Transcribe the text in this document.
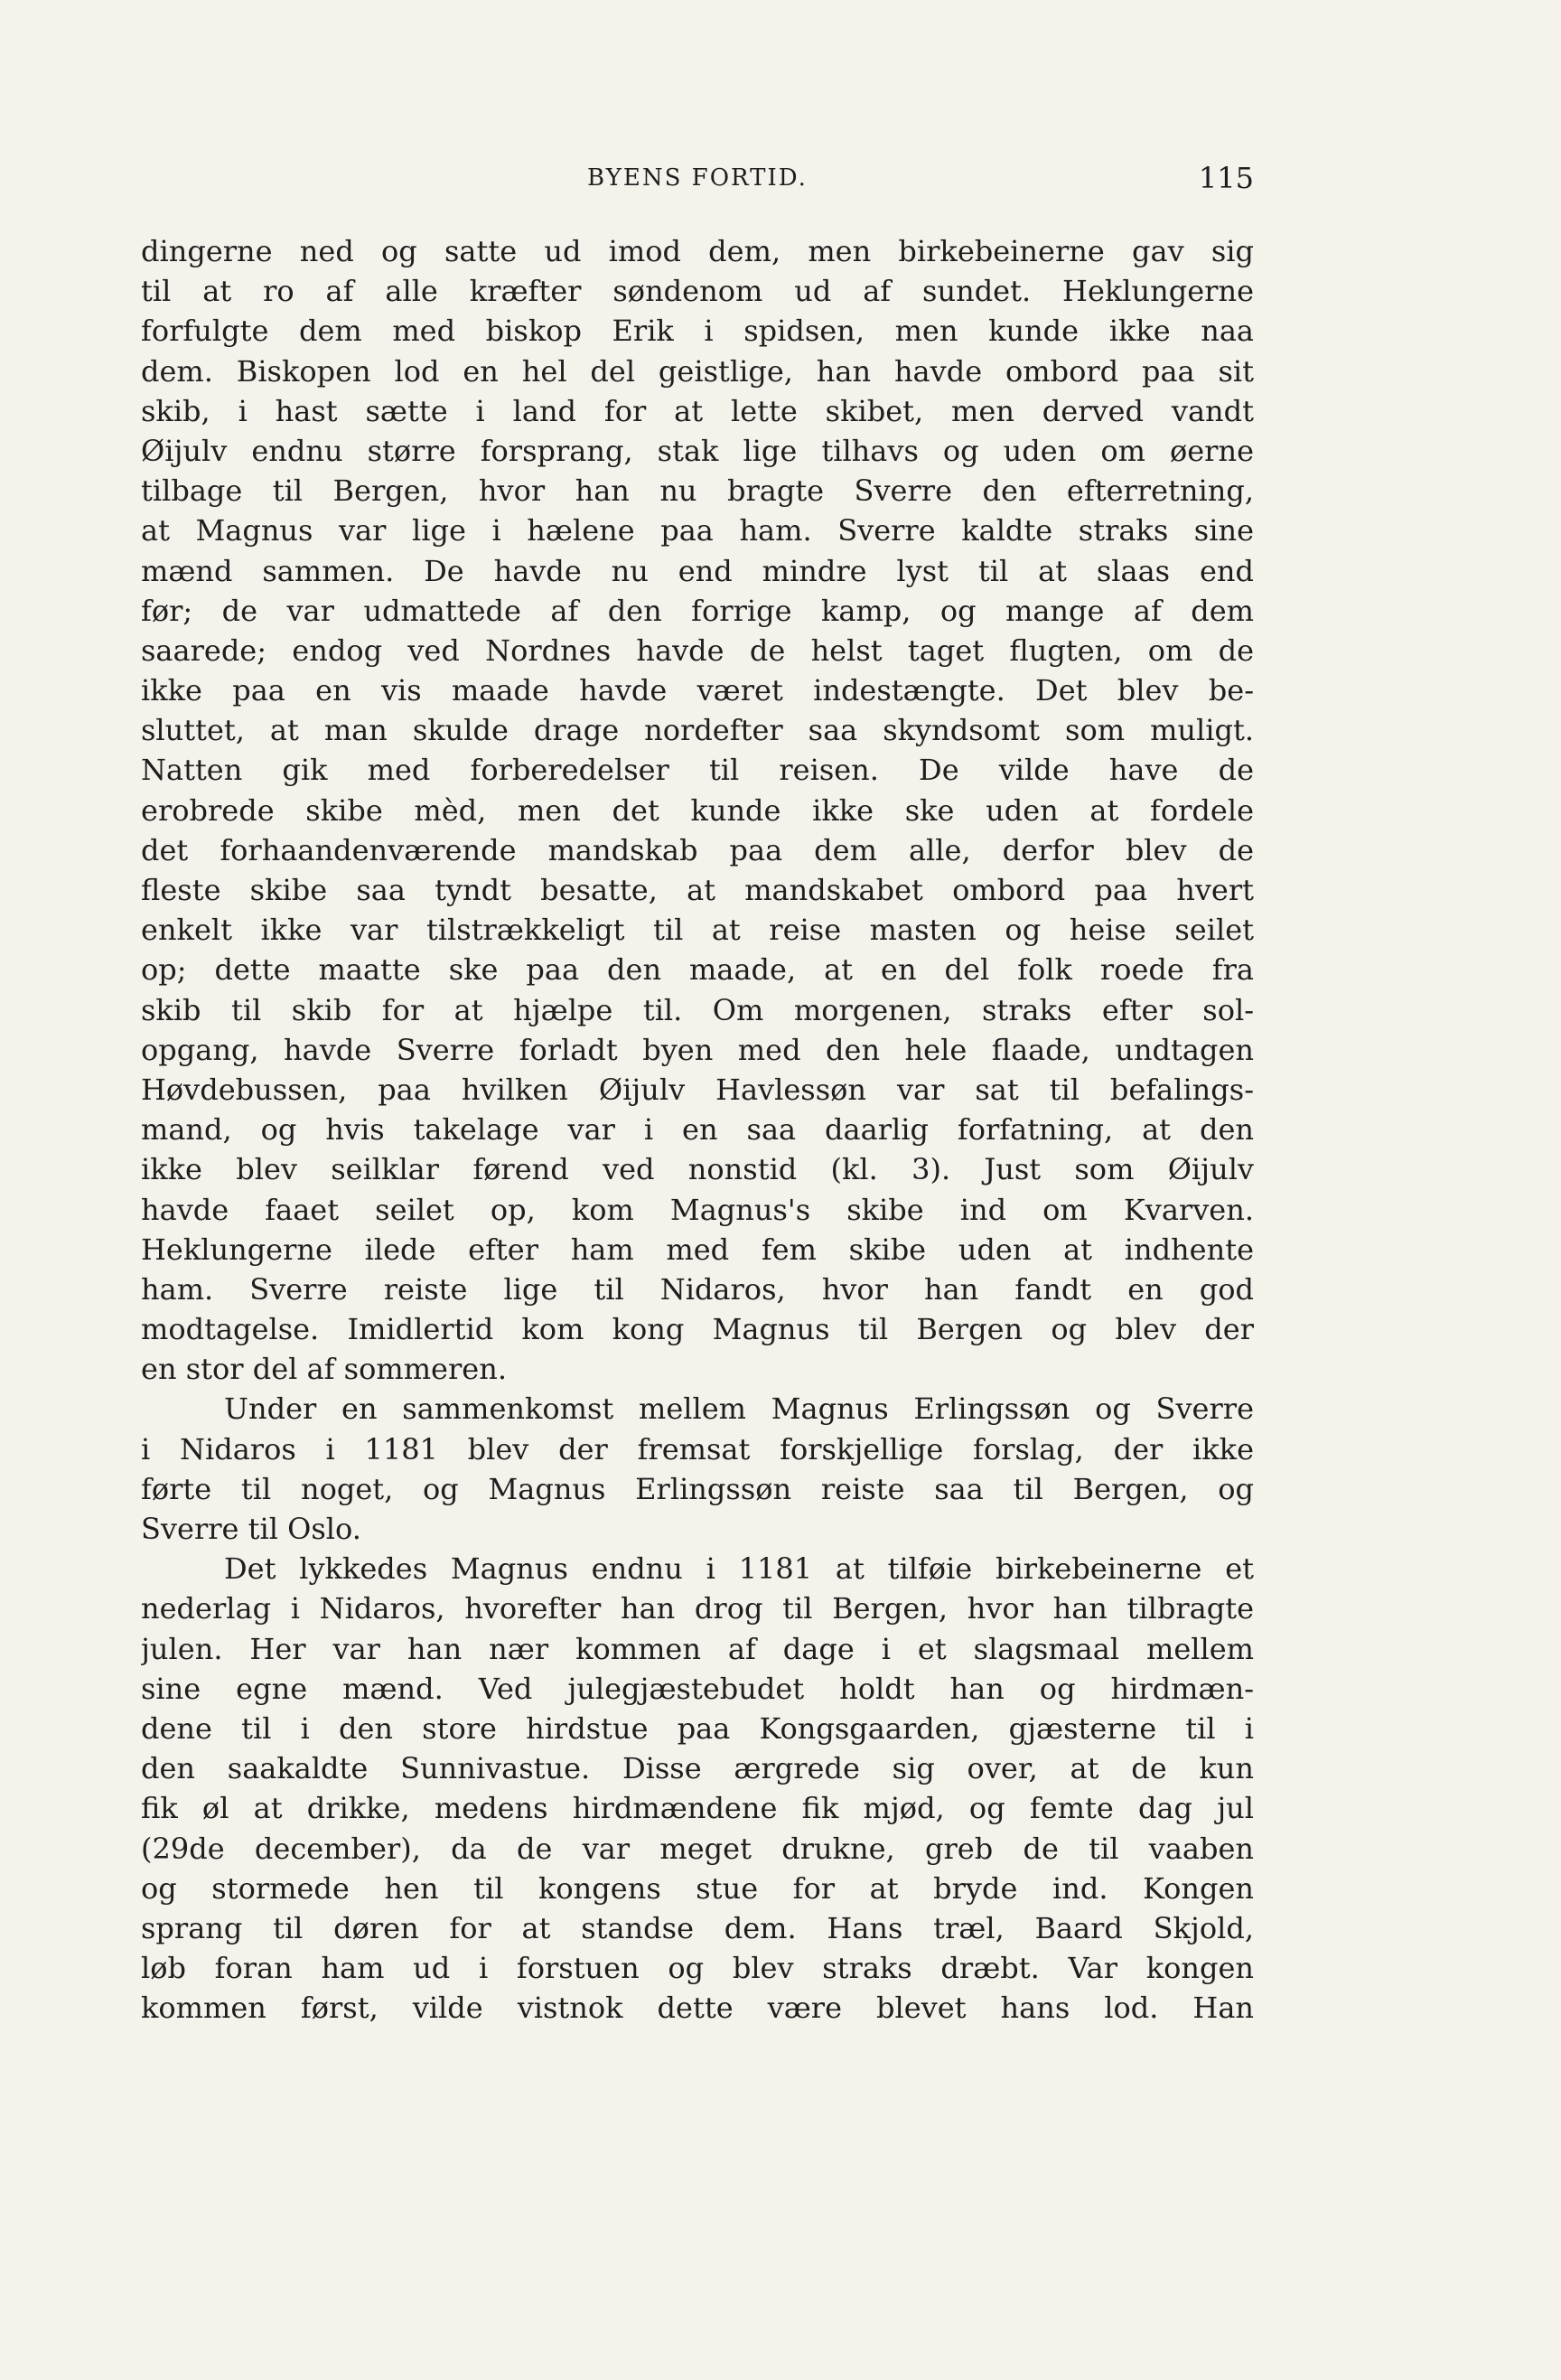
BYENS FORTID.	115
dingerne ned og satte ud imod dem, men birkebeinerne gav sig
til at ro af alle kræfter søndenom ud af sundet. Heklungerne
forfulgte dem med biskop Erik i spidsen, men kunde ikke naa
dem. Biskopen lod en hel del geistlige, han havde ombord paa sit
skib, i hast sætte i land for at lette skibet, men derved vandt
Øijulv endnu større forsprang, stak lige tilhavs og uden om øerne
tilbage til Bergen, hvor han nu bragte Sverre den efterretning,
at Magnus var lige i hælene paa ham. Sverre kaldte straks sine
mænd sammen. De havde nu end mindre lyst til at slaas end
før; de var udmattede af den forrige kamp, og mange af dem
saarede; endog ved Nordnes havde de helst taget flugten, om de
ikke paa en vis maade havde været indestængte. Det blev be-
sluttet, at man skulde drage nordefter saa skyndsomt som muligt.
Natten gik med forberedelser til reisen. De vilde have de
erobrede skibe mèd, men det kunde ikke ske uden at fordele
det forhaandenværende mandskab paa dem alle, derfor blev de
fleste skibe saa tyndt besatte, at mandskabet ombord paa hvert
enkelt ikke var tilstrækkeligt til at reise masten og heise seilet
op; dette maatte ske paa den maade, at en del folk roede fra
skib til skib for at hjælpe til. Om morgenen, straks efter sol-
opgang, havde Sverre forladt byen med den hele flaade, undtagen
Høvdebussen, paa hvilken Øijulv Havlessøn var sat til befalings-
mand, og hvis takelage var i en saa daarlig forfatning, at den
ikke blev seilklar førend ved nonstid (kl. 3). Just som Øijulv
havde faaet seilet op, kom Magnus's skibe ind om Kvarven.
Heklungerne ilede efter ham med fem skibe uden at indhente
ham. Sverre reiste lige til Nidaros, hvor han fandt en god
modtagelse. Imidlertid kom kong Magnus til Bergen og blev der
en stor del af sommeren.
Under en sammenkomst mellem Magnus Erlingssøn og Sverre
i Nidaros i 1181 blev der fremsat forskjellige forslag, der ikke
førte til noget, og Magnus Erlingssøn reiste saa til Bergen, og
Sverre til Oslo.
Det lykkedes Magnus endnu i 1181 at tilføie birkebeinerne et
nederlag i Nidaros, hvorefter han drog til Bergen, hvor han tilbragte
julen. Her var han nær kommen af dage i et slagsmaal mellem
sine egne mænd. Ved julegjæstebudet holdt han og hirdmæn-
dene til i den store hirdstue paa Kongsgaarden, gjæsterne til i
den saakaldte Sunnivastue. Disse ærgrede sig over, at de kun
fik øl at drikke, medens hirdmændene fik mjød, og femte dag jul
(29de december), da de var meget drukne, greb de til vaaben
og stormede hen til kongens stue for at bryde ind. Kongen
sprang til døren for at standse dem. Hans træl, Baard Skjold,
løb foran ham ud i forstuen og blev straks dræbt. Var kongen
kommen først, vilde vistnok dette være blevet hans lod. Han
